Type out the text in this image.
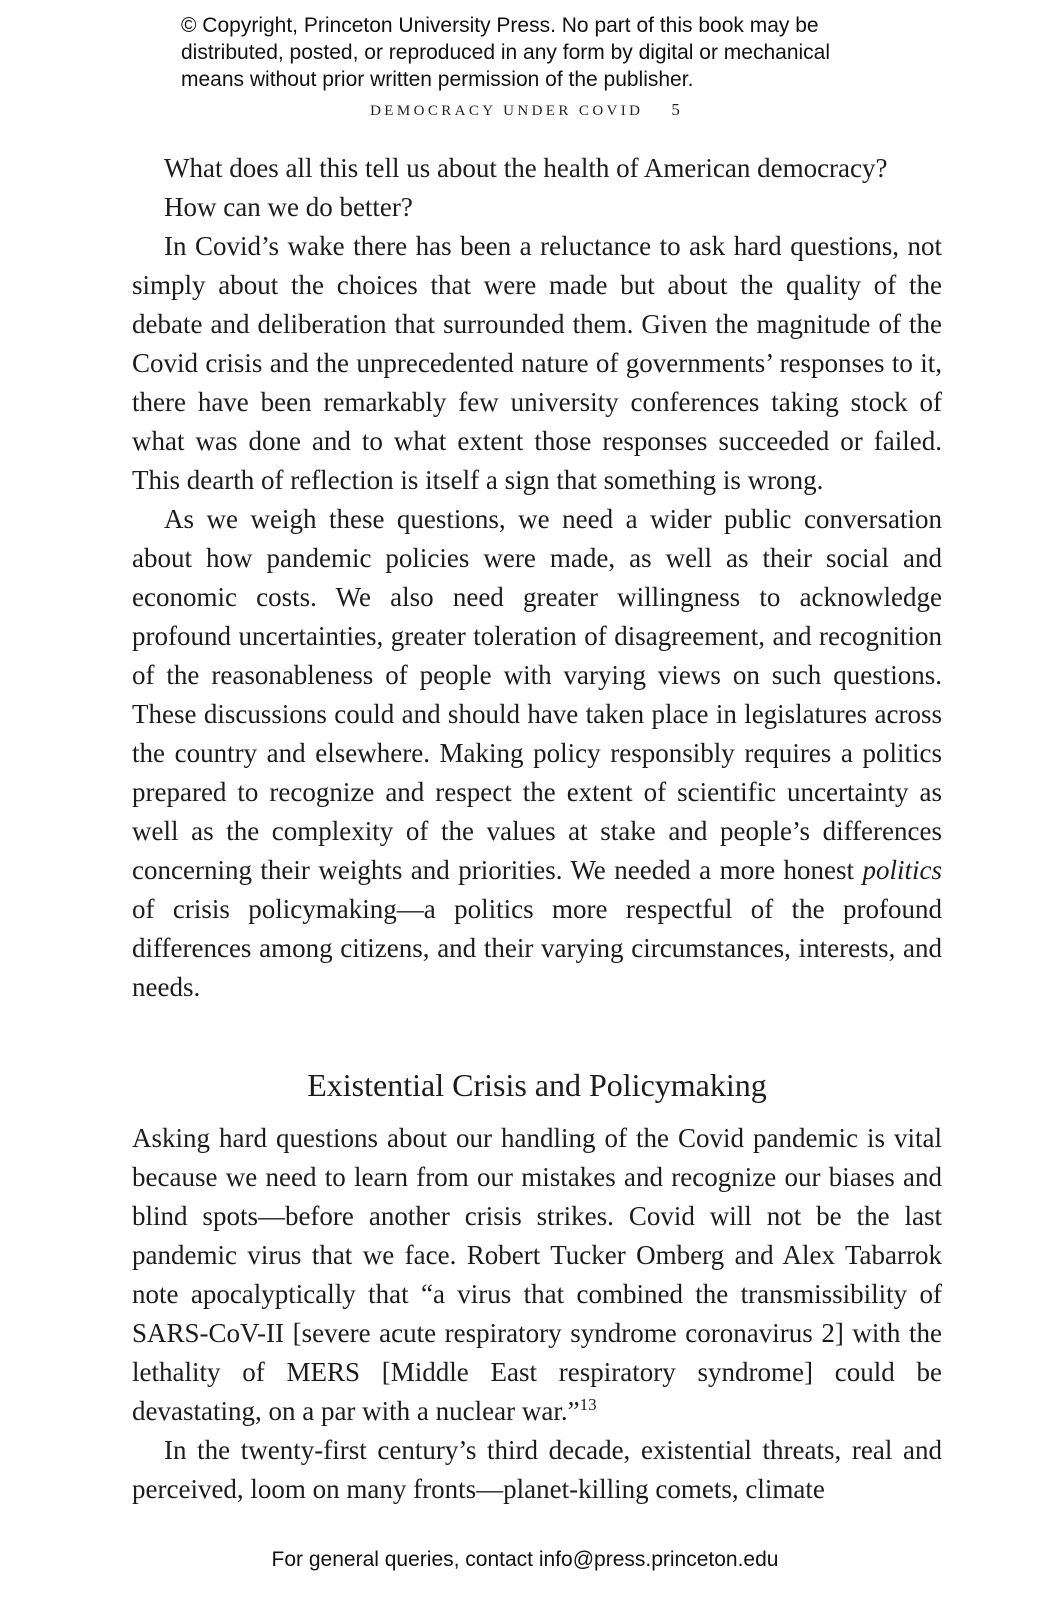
© Copyright, Princeton University Press. No part of this book may be
distributed, posted, or reproduced in any form by digital or mechanical
means without prior written permission of the publisher.
DEMOCRACY UNDER COVID 5

What does all this tell us about the health of American democracy? How can we do better?

In Covid’s wake there has been a reluctance to ask hard questions, not simply about the choices that were made but about the quality of the debate and deliberation that surrounded them. Given the magnitude of the Covid crisis and the unprecedented nature of governments’ responses to it, there have been remarkably few university conferences taking stock of what was done and to what extent those responses succeeded or failed. This dearth of reflection is itself a sign that something is wrong.

As we weigh these questions, we need a wider public conversation about how pandemic policies were made, as well as their social and economic costs. We also need greater willingness to acknowledge profound uncertainties, greater toleration of disagreement, and recognition of the reasonableness of people with varying views on such questions. These discussions could and should have taken place in legislatures across the country and elsewhere. Making policy responsibly requires a politics prepared to recognize and respect the extent of scientific uncertainty as well as the complexity of the values at stake and people’s differences concerning their weights and priorities. We needed a more honest politics of crisis policymaking—a politics more respectful of the profound differences among citizens, and their varying circumstances, interests, and needs.

Existential Crisis and Policymaking

Asking hard questions about our handling of the Covid pandemic is vital because we need to learn from our mistakes and recognize our biases and blind spots—before another crisis strikes. Covid will not be the last pandemic virus that we face. Robert Tucker Omberg and Alex Tabarrok note apocalyptically that “a virus that combined the transmissibility of SARS-CoV-II [severe acute respiratory syndrome coronavirus 2] with the lethality of MERS [Middle East respiratory syndrome] could be devastating, on a par with a nuclear war.”$^{13}$

In the twenty-first century’s third decade, existential threats, real and perceived, loom on many fronts—planet-killing comets, climate

For general queries, contact info@press.princeton.edu
